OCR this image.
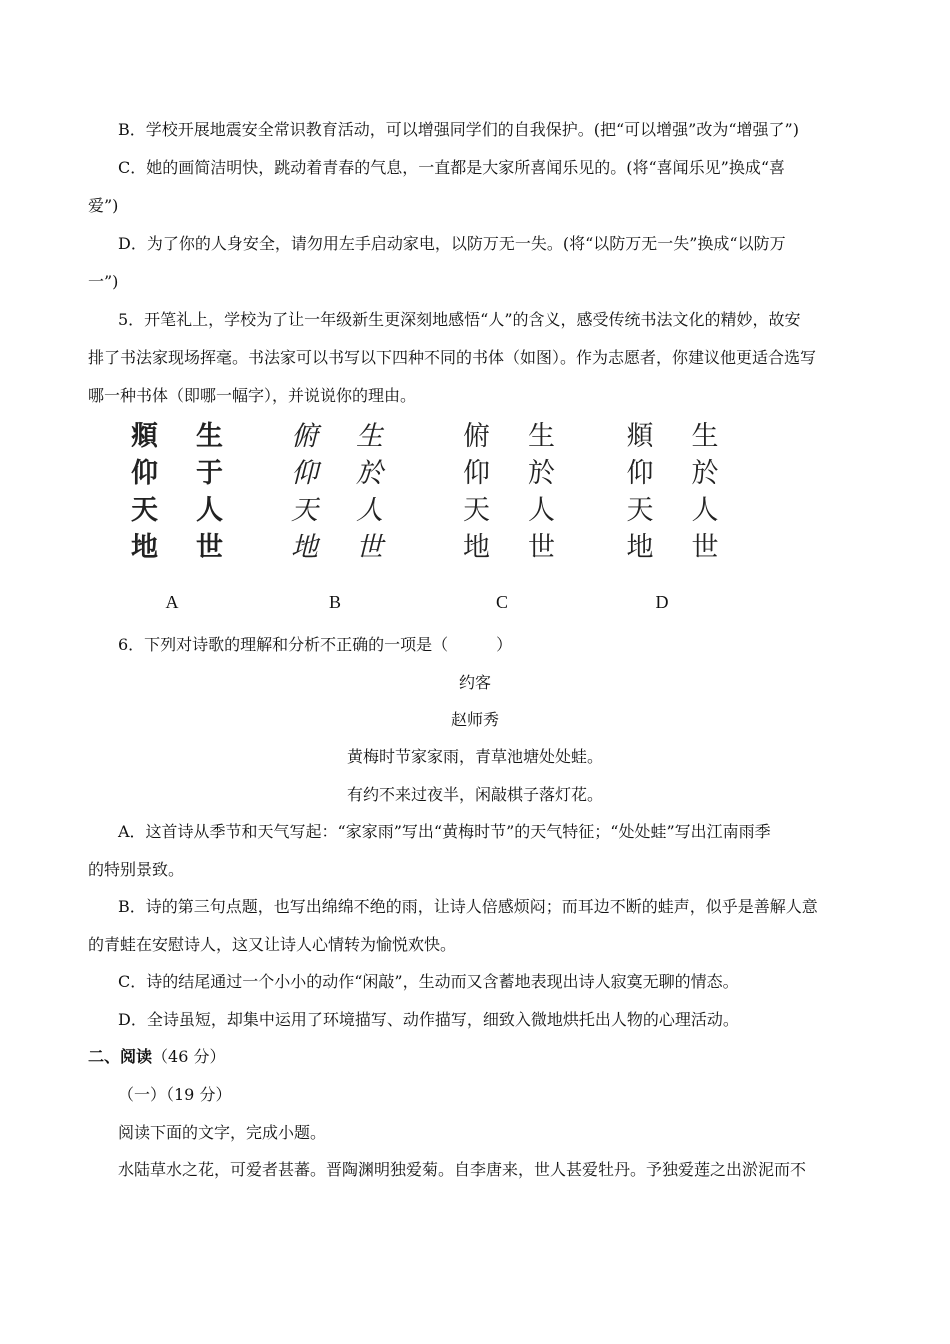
B．学校开展地震安全常识教育活动，可以增强同学们的自我保护。(把“可以增强”改为“增强了”)
C．她的画简洁明快，跳动着青春的气息，一直都是大家所喜闻乐见的。(将“喜闻乐见”换成“喜
爱”)
D．为了你的人身安全，请勿用左手启动家电，以防万无一失。(将“以防万无一失”换成“以防万
一”)
5．开笔礼上，学校为了让一年级新生更深刻地感悟“人”的含义，感受传统书法文化的精妙，故安
排了书法家现场挥毫。书法家可以书写以下四种不同的书体（如图）。作为志愿者，你建议他更适合选写
哪一种书体（即哪一幅字），并说说你的理由。
頫	生
仰	于
天	人
地	世
A
俯	生
仰	於
天	人
地	世
B
俯	生
仰	於
天	人
地	世
C
頫	生
仰	於
天	人
地	世
D
6．下列对诗歌的理解和分析不正确的一项是（　　　）
约客
赵师秀
黄梅时节家家雨，青草池塘处处蛙。
有约不来过夜半，闲敲棋子落灯花。
A．这首诗从季节和天气写起：“家家雨”写出“黄梅时节”的天气特征；“处处蛙”写出江南雨季
的特别景致。
B．诗的第三句点题，也写出绵绵不绝的雨，让诗人倍感烦闷；而耳边不断的蛙声，似乎是善解人意
的青蛙在安慰诗人，这又让诗人心情转为愉悦欢快。
C．诗的结尾通过一个小小的动作“闲敲”，生动而又含蓄地表现出诗人寂寞无聊的情态。
D．全诗虽短，却集中运用了环境描写、动作描写，细致入微地烘托出人物的心理活动。
二、阅读（46 分）
（一）（19 分）
阅读下面的文字，完成小题。
水陆草水之花，可爱者甚蕃。晋陶渊明独爱菊。自李唐来，世人甚爱牡丹。予独爱莲之出淤泥而不
